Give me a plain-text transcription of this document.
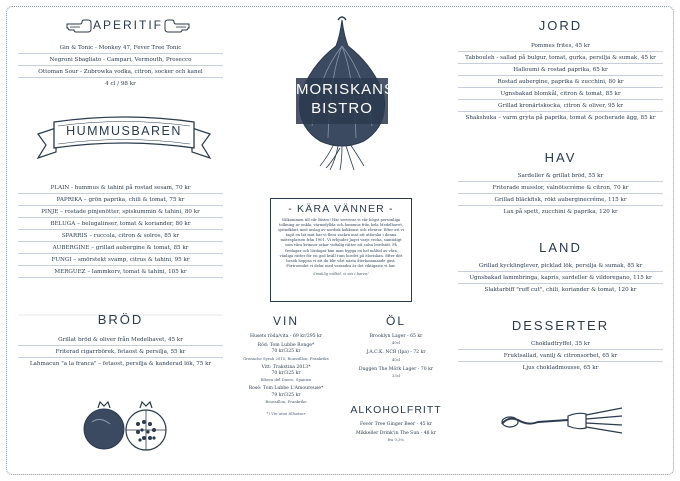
APERITIF
Gin & Tonic - Monkey 47, Fever Tree Tonic
Negroni Sbagliato - Campari, Vermouth, Prosecco
Ottoman Sour - Zubrowka vodka, citron, socker och kanel
4 cl / 98 kr
HUMMUSBAREN
PLAIN - hummus & tahini på rostad sesam, 70 kr
PAPRIKA – grön paprika, chili & tomat, 75 kr
PINJE – rostade pinjenötter, spiskummin & tahini, 80 kr
BELUGA – belugalinser, tomat & koriander, 80 kr
SPARRIS – ruccola, citron & solros, 85 kr
AUBERGINE – grillad aubergine & tomat, 85 kr
FUNGI – smörstekt svamp, citrus & tahini, 95 kr
MERGUEZ – lammkorv, tomat & tahini, 105 kr
BRÖD
Grillat bröd & oliver från Medelhavet, 45 kr
Friterad cigarrbörek, fetaost & persilja, 55 kr
Lahmacun "a la franca" – fetaost, persilja & kanderad lök, 75 kr
MORISKANS
BISTRO
- KÄRA VÄNNER -
Välkommen till vår Bistro! Här serverar vi vår högst personliga tolkning av enkla, värmefyllda och hummus från hela Medelhavet, sjätndklart med inslag av nordisk kokkonst och råvaror. Efter att vi tagit en bit mat har vi flera vackra mat att utforska i denna mötesplatsen från 1901. Vi erbjuder Jaget varje vecka, samtidigt som våra kvinnor orkar vidtalig rätter att salsa bordsätt. På fredagar och lördagar kan man bygga en hel måltid av våra vänliga rätter för en god kväll runt bordet på Moriskan. Efter ditt besök hoppas vi att du blir vårt nästa återkommande gäst. Förtroendet vi delar med varandra är det viktigaste vi har.
Smaklig måltid, vi ses i baren!
VIN
Husets röda/vita - 69 kr/295 kr
Röd: Tom Lubbe Ronge*
70 kr/325 kr
Grenache Syrah 2015, Roussillon, Frankrike
Vitt: Trakstina 2013*
70 kr/325 kr
Ribera del Duero, Spanien
Rosé: Tom Lubbe L'Amoureuse*
79 kr/325 kr
Roussillon, Frankrike
*) Vin utan tillsatser
ÖL
Brooklyn Lager - 65 kr
40cl
J.A.C.K. NCB (Ipa) - 72 kr
40cl
Duggen The Mörk Lager - 70 kr
33cl
ALKOHOLFRITT
Fever Tree Ginger Beer - 45 kr
Mikkeller Drink'in The Sun - 48 kr
fra 0,3%
JORD
Pommes frites, 45 kr
Tabbouleh - sallad på bulgur, tomat, gurka, persilja & sumak, 45 kr
Halloumi & rostad paprika, 65 kr
Rostad aubergine, paprika & zucchini, 80 kr
Ugnsbakad blomkål, citron & tomat, 85 kr
Grillad kronärtskocka, citron & oliver, 95 kr
Shakshuka – varm gryta på paprika, tomat & pocherade ägg, 85 kr
HAV
Sardeller & grillat bröd, 55 kr
Friterade musslor, valnötscréme & citron, 70 kr
Grillad bläckfisk, rökt auberginecréme, 115 kr
Lax på spett, zucchini & paprika, 120 kr
LAND
Grillad kycklinglever, picklad lök, persilja & sumak, 85 kr
Ugnsbakad lammbringa, kapris, sardeller & vildoregano, 115 kr
Slaktarbiff "ruff cut", chili, koriander & tomat, 120 kr
DESSERTER
Chokladtryffel, 35 kr
Fruktsallad, vanilj & citronsorbet, 65 kr
Ljus chokladmousse, 65 kr
